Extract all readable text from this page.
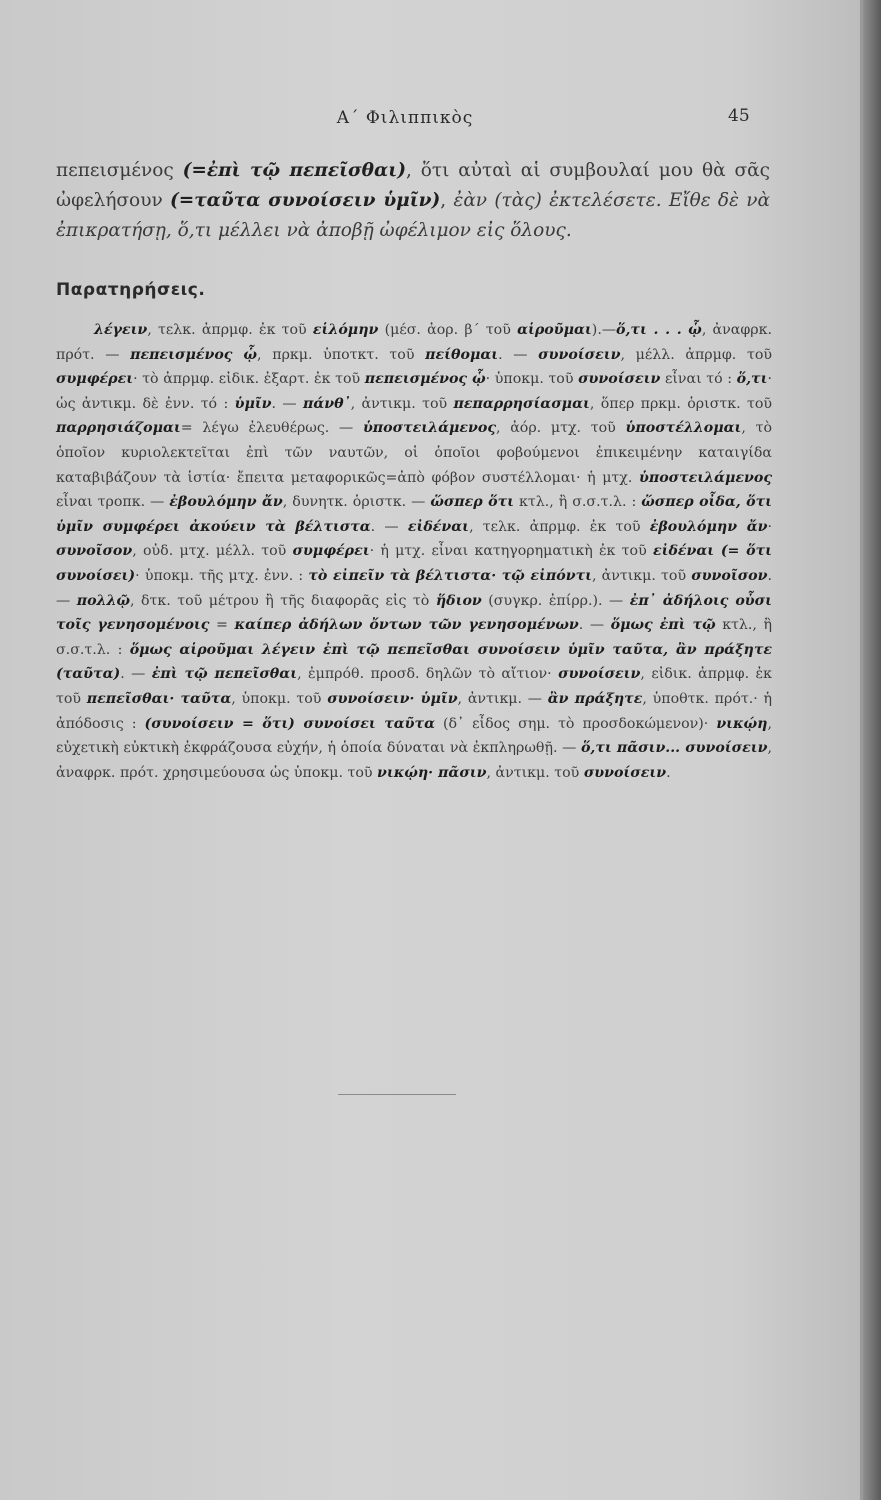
Α΄ Φιλιππικὸς	45
πεπεισμένος (=ἐπὶ τῷ πεπεῖσθαι), ὅτι αὐταὶ αἱ συμβουλαί μου θὰ σᾶς ὠφελήσουν (=ταῦτα συνοίσειν ὑμῖν), ἐὰν (τὰς) ἐκτελέσετε. Εἴθε δὲ νὰ ἐπικρατήσῃ, ὅ,τι μέλλει νὰ ἀποβῇ ὠφέλιμον εἰς ὅλους.
Παρατηρήσεις.

λέγειν, τελκ. ἀπρμφ. ἐκ τοῦ εἱλόμην (μέσ. ἀορ. β΄ τοῦ αἱροῦμαι).—ὅ,τι . . . ᾧ, ἀναφρκ. πρότ. — πεπεισμένος ᾧ, πρκμ. ὑποτκτ. τοῦ πείθομαι. — συνοίσειν, μέλλ. ἀπρμφ. τοῦ συμφέρει· τὸ ἀπρμφ. εἰδικ. ἐξαρτ. ἐκ τοῦ πεπεισμένος ᾧ· ὑποκμ. τοῦ συνοίσειν εἶναι τό : ὅ,τι· ὡς ἀντικμ. δὲ ἐνν. τό : ὑμῖν. — πάνθ᾽, ἀντικμ. τοῦ πεπαρρησίασμαι, ὅπερ πρκμ. ὁριστκ. τοῦ παρρησιάζομαι= λέγω ἐλευθέρως. — ὑποστειλάμενος, ἀόρ. μτχ. τοῦ ὑποστέλλομαι, τὸ ὁποῖον κυριολεκτεῖται ἐπὶ τῶν ναυτῶν, οἱ ὁποῖοι φοβούμενοι ἐπικειμένην καταιγίδα καταβιβάζουν τὰ ἱστία· ἔπειτα μεταφορικῶς=ἀπὸ φόβον συστέλλομαι· ἡ μτχ. ὑποστειλάμενος εἶναι τροπκ. — ἐβουλόμην ἄν, δυνητκ. ὁριστκ. — ὥσπερ ὅτι κτλ., ἢ σ.σ.τ.λ. : ὥσπερ οἶδα, ὅτι ὑμῖν συμφέρει ἀκούειν τὰ βέλτιστα. — εἰδέναι, τελκ. ἀπρμφ. ἐκ τοῦ ἐβουλόμην ἄν· συνοῖσον, οὐδ. μτχ. μέλλ. τοῦ συμφέρει· ἡ μτχ. εἶναι κατηγορηματικὴ ἐκ τοῦ εἰδέναι (= ὅτι συνοίσει)· ὑποκμ. τῆς μτχ. ἐνν. : τὸ εἰπεῖν τὰ βέλτιστα· τῷ εἰπόντι, ἀντικμ. τοῦ συνοῖσον. — πολλῷ, δτκ. τοῦ μέτρου ἢ τῆς διαφορᾶς εἰς τὸ ἥδιον (συγκρ. ἐπίρρ.). — ἐπ᾽ ἀδήλοις οὖσι τοῖς γενησομένοις = καίπερ ἀδήλων ὄντων τῶν γενησομένων. — ὅμως ἐπὶ τῷ κτλ., ἢ σ.σ.τ.λ. : ὅμως αἱροῦμαι λέγειν ἐπὶ τῷ πεπεῖσθαι συνοίσειν ὑμῖν ταῦτα, ἂν πράξητε (ταῦτα). — ἐπὶ τῷ πεπεῖσθαι, ἐμπρόθ. προσδ. δηλῶν τὸ αἴτιον· συνοίσειν, εἰδικ. ἀπρμφ. ἐκ τοῦ πεπεῖσθαι· ταῦτα, ὑποκμ. τοῦ συνοίσειν· ὑμῖν, ἀντικμ. — ἂν πράξητε, ὑποθτκ. πρότ.· ἡ ἀπόδοσις : (συνοίσειν = ὅτι) συνοίσει ταῦτα (δ᾽ εἶδος σημ. τὸ προσδοκώμενον)· νικῴη, εὐχετικὴ εὐκτικὴ ἐκφράζουσα εὐχήν, ἡ ὁποία δύναται νὰ ἐκπληρωθῇ. — ὅ,τι πᾶσιν... συνοίσειν, ἀναφρκ. πρότ. χρησιμεύουσα ὡς ὑποκμ. τοῦ νικῴη· πᾶσιν, ἀντικμ. τοῦ συνοίσειν.
